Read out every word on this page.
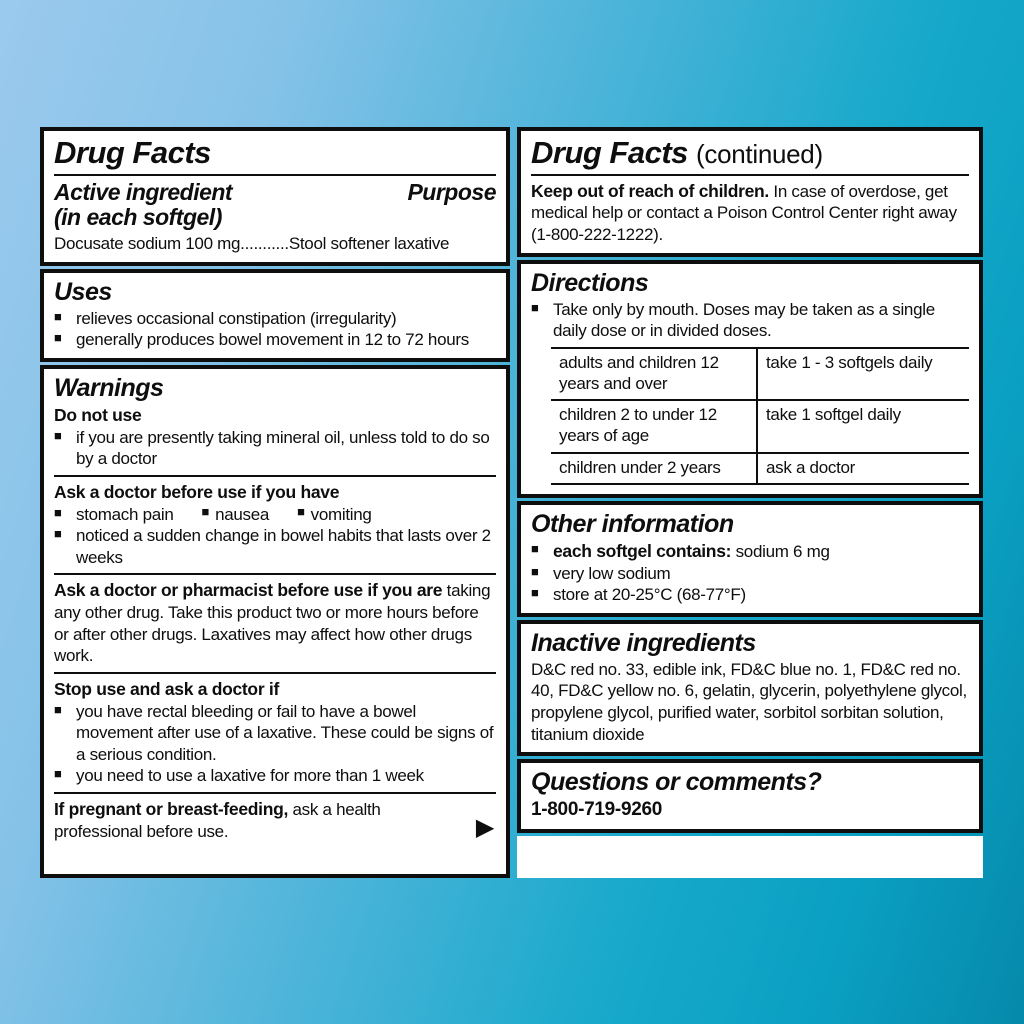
Drug Facts
Active ingredient
(in each softgel)
Purpose
Docusate sodium 100 mg...........Stool softener laxative
Uses
■ relieves occasional constipation (irregularity)
■ generally produces bowel movement in 12 to 72 hours
Warnings
Do not use
■ if you are presently taking mineral oil, unless told to do so by a doctor
Ask a doctor before use if you have
■ stomach pain ■ nausea ■ vomiting
■ noticed a sudden change in bowel habits that lasts over 2 weeks
Ask a doctor or pharmacist before use if you are taking any other drug. Take this product two or more hours before or after other drugs. Laxatives may affect how other drugs work.
Stop use and ask a doctor if
■ you have rectal bleeding or fail to have a bowel movement after use of a laxative. These could be signs of a serious condition.
■ you need to use a laxative for more than 1 week
If pregnant or breast-feeding, ask a health professional before use.	▶
Drug Facts (continued)
Keep out of reach of children. In case of overdose, get medical help or contact a Poison Control Center right away (1-800-222-1222).
Directions
■ Take only by mouth. Doses may be taken as a single daily dose or in divided doses.
adults and children 12 years and over
take 1 - 3 softgels daily
children 2 to under 12 years of age
take 1 softgel daily
children under 2 years	ask a doctor
Other information
■ each softgel contains: sodium 6 mg
■ very low sodium
■ store at 20-25°C (68-77°F)
Inactive ingredients
D&C red no. 33, edible ink, FD&C blue no. 1, FD&C red no. 40, FD&C yellow no. 6, gelatin, glycerin, polyethylene glycol, propylene glycol, purified water, sorbitol sorbitan solution, titanium dioxide
Questions or comments?
1-800-719-9260
